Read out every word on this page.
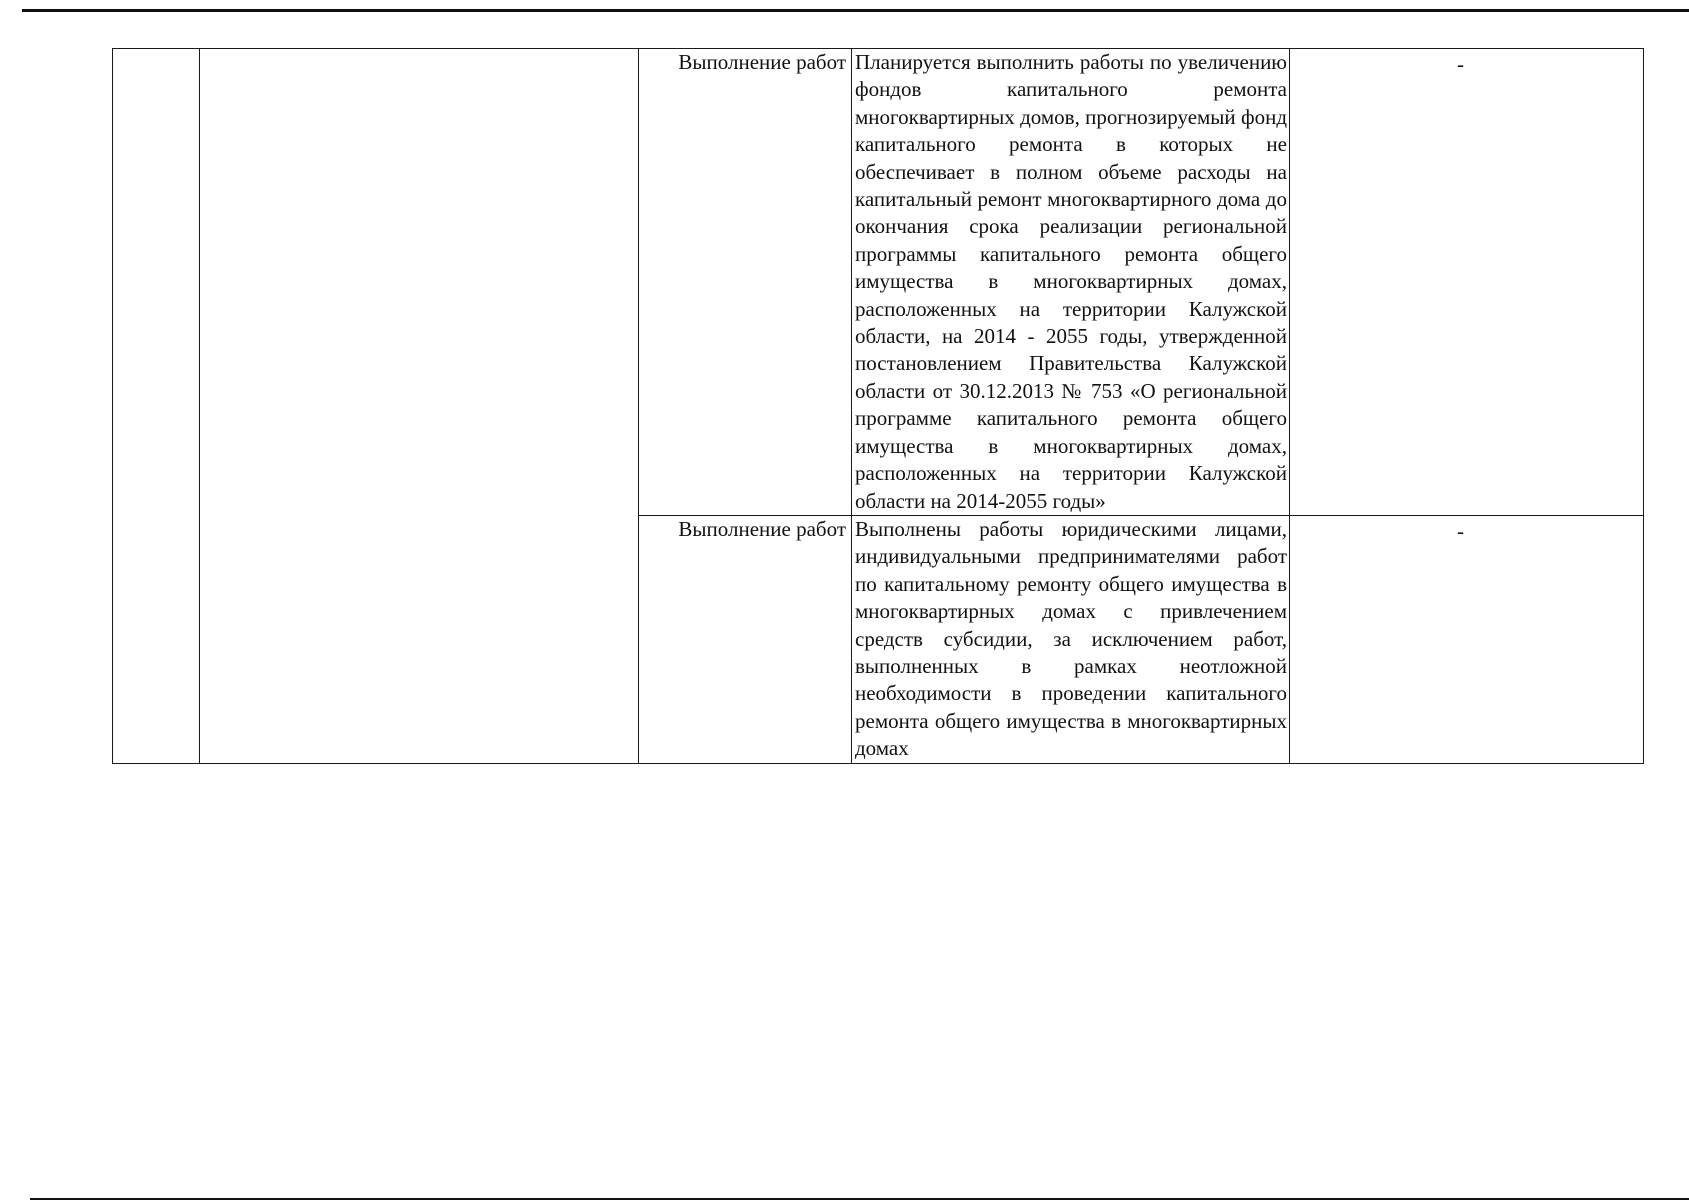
		Выполнение работ	Планируется выполнить работы по увеличению фондов капитального ремонта многоквартирных домов, прогнозируемый фонд капитального ремонта в которых не обеспечивает в полном объеме расходы на капитальный ремонт многоквартирного дома до окончания срока реализации региональной программы капитального ремонта общего имущества в многоквартирных домах, расположенных на территории Калужской области, на 2014 - 2055 годы, утвержденной постановлением Правительства Калужской области от 30.12.2013 № 753 «О региональной программе капитального ремонта общего имущества в многоквартирных домах, расположенных на территории Калужской области на 2014-2055 годы»	-

		Выполнение работ	Выполнены работы юридическими лицами, индивидуальными предпринимателями работ по капитальному ремонту общего имущества в многоквартирных домах с привлечением средств субсидии, за исключением работ, выполненных в рамках неотложной необходимости в проведении капитального ремонта общего имущества в многоквартирных домах	-
